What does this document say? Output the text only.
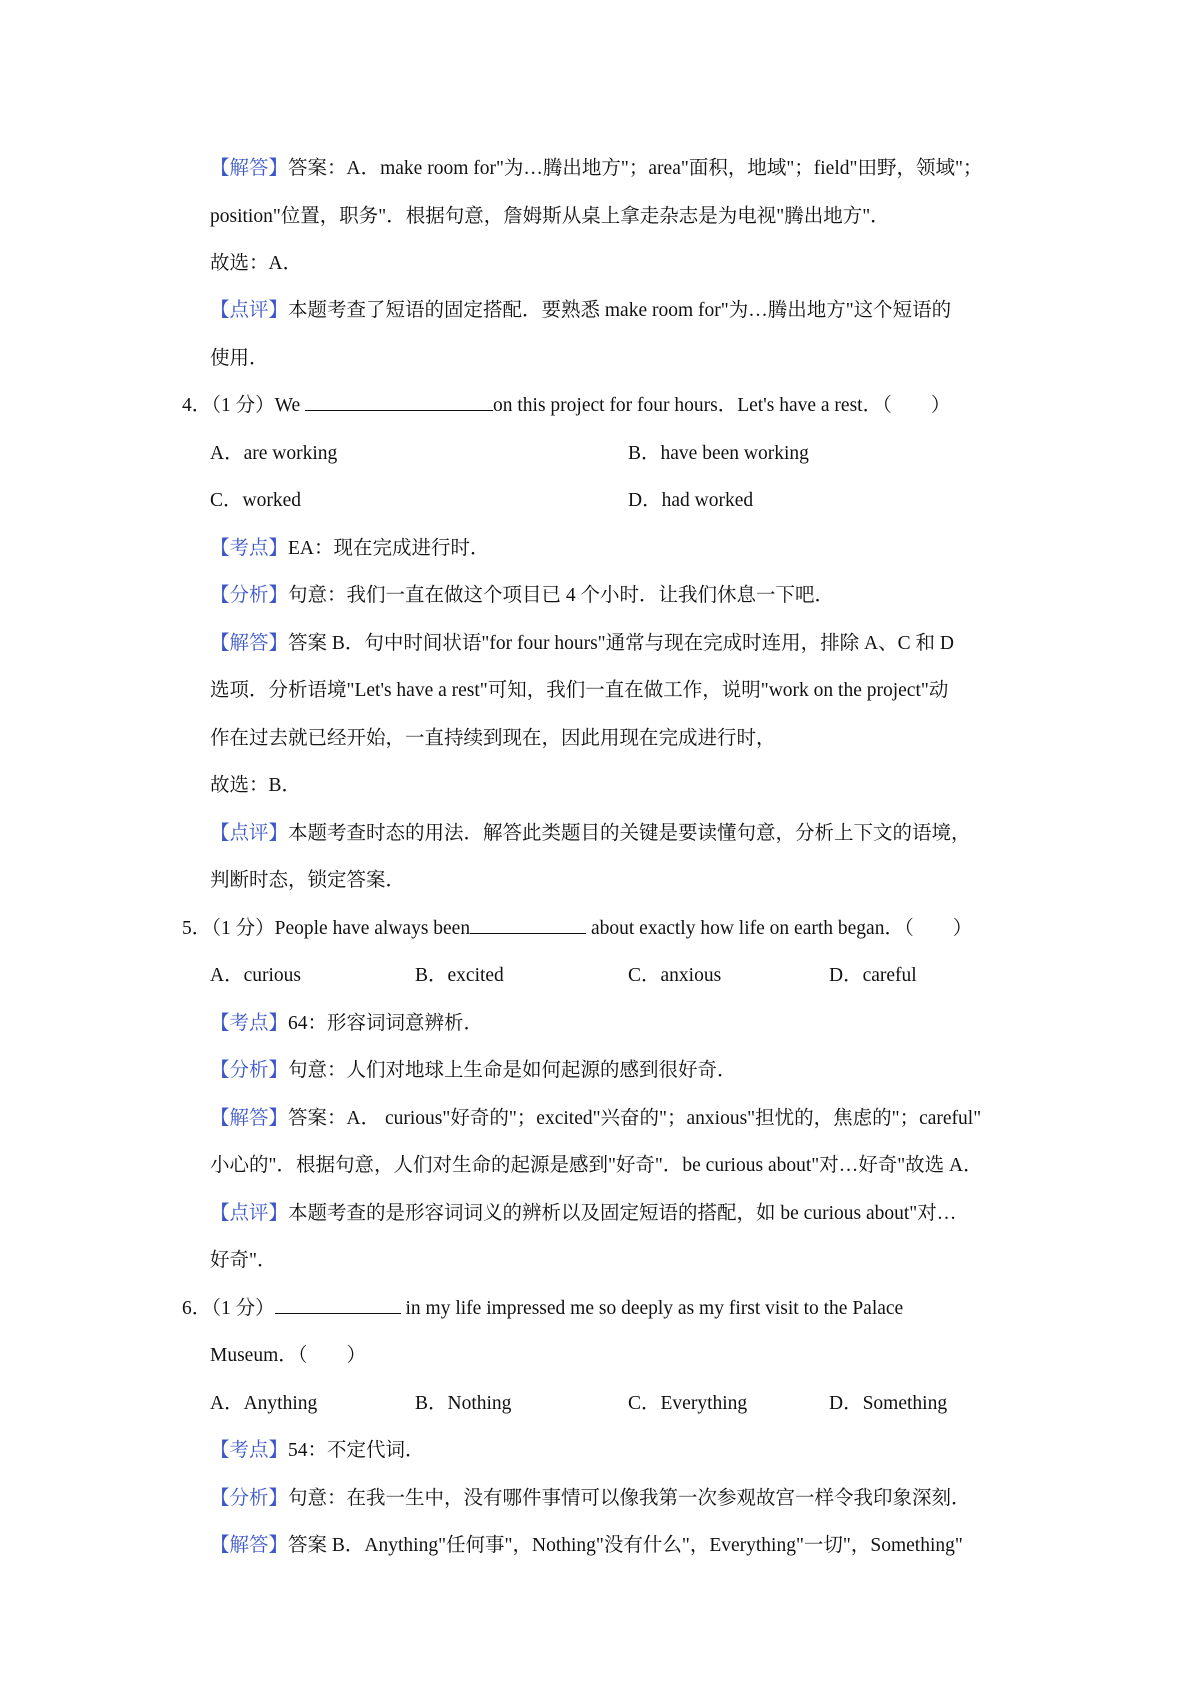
【解答】答案：A．make room for"为…腾出地方"；area"面积，地域"；field"田野，领域"；
position"位置，职务"．根据句意，詹姆斯从桌上拿走杂志是为电视"腾出地方"．
故选：A．
【点评】本题考查了短语的固定搭配．要熟悉 make room for"为…腾出地方"这个短语的
使用．
4．（1 分）We	on this project for four hours．Let's have a rest．（　　）
A．are working	B．have been working
C．worked	D．had worked
【考点】EA：现在完成进行时．
【分析】句意：我们一直在做这个项目已 4 个小时．让我们休息一下吧．
【解答】答案 B．句中时间状语"for four hours"通常与现在完成时连用，排除 A、C 和 D
选项．分析语境"Let's have a rest"可知，我们一直在做工作，说明"work on the project"动
作在过去就已经开始，一直持续到现在，因此用现在完成进行时，
故选：B．
【点评】本题考查时态的用法．解答此类题目的关键是要读懂句意，分析上下文的语境，
判断时态，锁定答案．
5．（1 分）People have always been	about exactly how life on earth began．（　　）
A．curious	B．excited	C．anxious	D．careful
【考点】64：形容词词意辨析．
【分析】句意：人们对地球上生命是如何起源的感到很好奇．
【解答】答案：A． curious"好奇的"；excited"兴奋的"；anxious"担忧的，焦虑的"；careful"
小心的"．根据句意，人们对生命的起源是感到"好奇"．be curious about"对…好奇"故选 A．
【点评】本题考查的是形容词词义的辨析以及固定短语的搭配，如 be curious about"对…
好奇"．
6．（1 分）	in my life impressed me so deeply as my first visit to the Palace
Museum．（　　）
A．Anything	B．Nothing	C．Everything	D．Something
【考点】54：不定代词．
【分析】句意：在我一生中，没有哪件事情可以像我第一次参观故宫一样令我印象深刻．
【解答】答案 B．Anything"任何事"，Nothing"没有什么"，Everything"一切"，Something"
